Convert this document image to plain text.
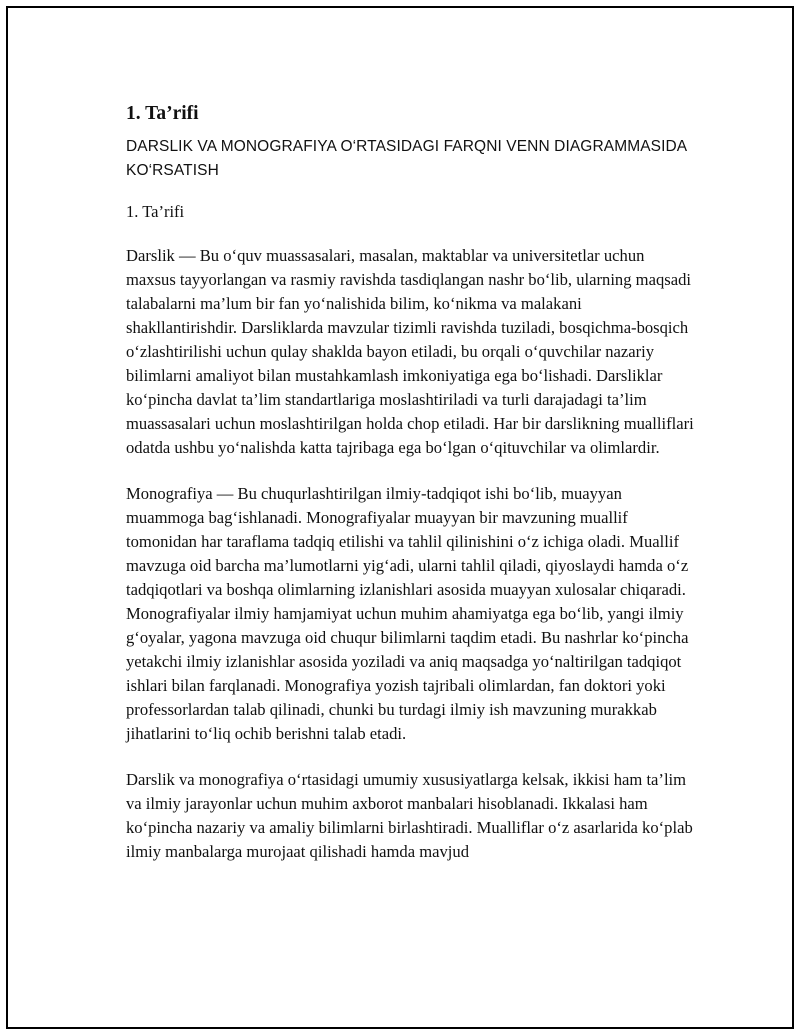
1. Ta’rifi
DARSLIK VA MONOGRAFIYA O‘RTASIDAGI FARQNI VENN DIAGRAMMASIDA KO‘RSATISH
1. Ta’rifi

Darslik — Bu o‘quv muassasalari, masalan, maktablar va universitetlar uchun maxsus tayyorlangan va rasmiy ravishda tasdiqlangan nashr bo‘lib, ularning maqsadi talabalarni ma’lum bir fan yo‘nalishida bilim, ko‘nikma va malakani shakllantirishdir. Darsliklarda mavzular tizimli ravishda tuziladi, bosqichma-bosqich o‘zlashtirilishi uchun qulay shaklda bayon etiladi, bu orqali o‘quvchilar nazariy bilimlarni amaliyot bilan mustahkamlash imkoniyatiga ega bo‘lishadi. Darsliklar ko‘pincha davlat ta’lim standartlariga moslashtiriladi va turli darajadagi ta’lim muassasalari uchun moslashtirilgan holda chop etiladi. Har bir darslikning mualliflari odatda ushbu yo‘nalishda katta tajribaga ega bo‘lgan o‘qituvchilar va olimlardir.

Monografiya — Bu chuqurlashtirilgan ilmiy-tadqiqot ishi bo‘lib, muayyan muammoga bag‘ishlanadi. Monografiyalar muayyan bir mavzuning muallif tomonidan har taraflama tadqiq etilishi va tahlil qilinishini o‘z ichiga oladi. Muallif mavzuga oid barcha ma’lumotlarni yig‘adi, ularni tahlil qiladi, qiyoslaydi hamda o‘z tadqiqotlari va boshqa olimlarning izlanishlari asosida muayyan xulosalar chiqaradi. Monografiyalar ilmiy hamjamiyat uchun muhim ahamiyatga ega bo‘lib, yangi ilmiy g‘oyalar, yagona mavzuga oid chuqur bilimlarni taqdim etadi. Bu nashrlar ko‘pincha yetakchi ilmiy izlanishlar asosida yoziladi va aniq maqsadga yo‘naltirilgan tadqiqot ishlari bilan farqlanadi. Monografiya yozish tajribali olimlardan, fan doktori yoki professorlardan talab qilinadi, chunki bu turdagi ilmiy ish mavzuning murakkab jihatlarini to‘liq ochib berishni talab etadi.

Darslik va monografiya o‘rtasidagi umumiy xususiyatlarga kelsak, ikkisi ham ta’lim va ilmiy jarayonlar uchun muhim axborot manbalari hisoblanadi. Ikkalasi ham ko‘pincha nazariy va amaliy bilimlarni birlashtiradi. Mualliflar o‘z asarlarida ko‘plab ilmiy manbalarga murojaat qilishadi hamda mavjud
